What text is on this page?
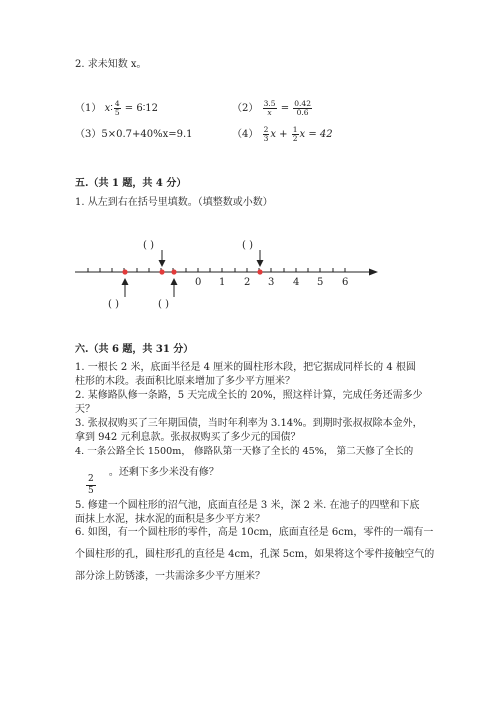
2. 求未知数 x。
（1） x∶ $\frac{4}{5}$ = 6∶12	$(2) \frac{3.5}{x} = \frac{0.42}{0.6}$
（3）5×0.7+40%x=9.1	$(4) \frac{2}{3}$ $x + \frac{1}{2}$ x = 42
五.（共 1 题，共 4 分）
1. 从左到右在括号里填数。（填整数或小数）
( )	( )
( )	( )
0 1 2 3 4 5 6
六.（共 6 题，共 31 分）
1. 一根长 2 米，底面半径是 4 厘米的圆柱形木段，把它据成同样长的 4 根圆柱形的木段。表面积比原来增加了多少平方厘米？
2. 某修路队修一条路，5 天完成全长的 20%，照这样计算，完成任务还需多少天？
3. 张叔叔购买了三年期国债，当时年利率为 3.14%。到期时张叔叔除本金外，拿到 942 元利息款。张叔叔购买了多少元的国债？
4. 一条公路全长 1500m， 修路队第一天修了全长的 45%， 第二天修了全长的
$\frac{2}{5}$
。还剩下多少米没有修？
5. 修建一个圆柱形的沼气池，底面直径是 3 米，深 2 米. 在池子的四壁和下底面抹上水泥，抹水泥的面积是多少平方米？
6. 如图，有一个圆柱形的零件，高是 10cm，底面直径是 6cm，零件的一端有一
个圆柱形的孔，圆柱形孔的直径是 4cm，孔深 5cm，如果将这个零件接触空气的
部分涂上防锈漆，一共需涂多少平方厘米？
